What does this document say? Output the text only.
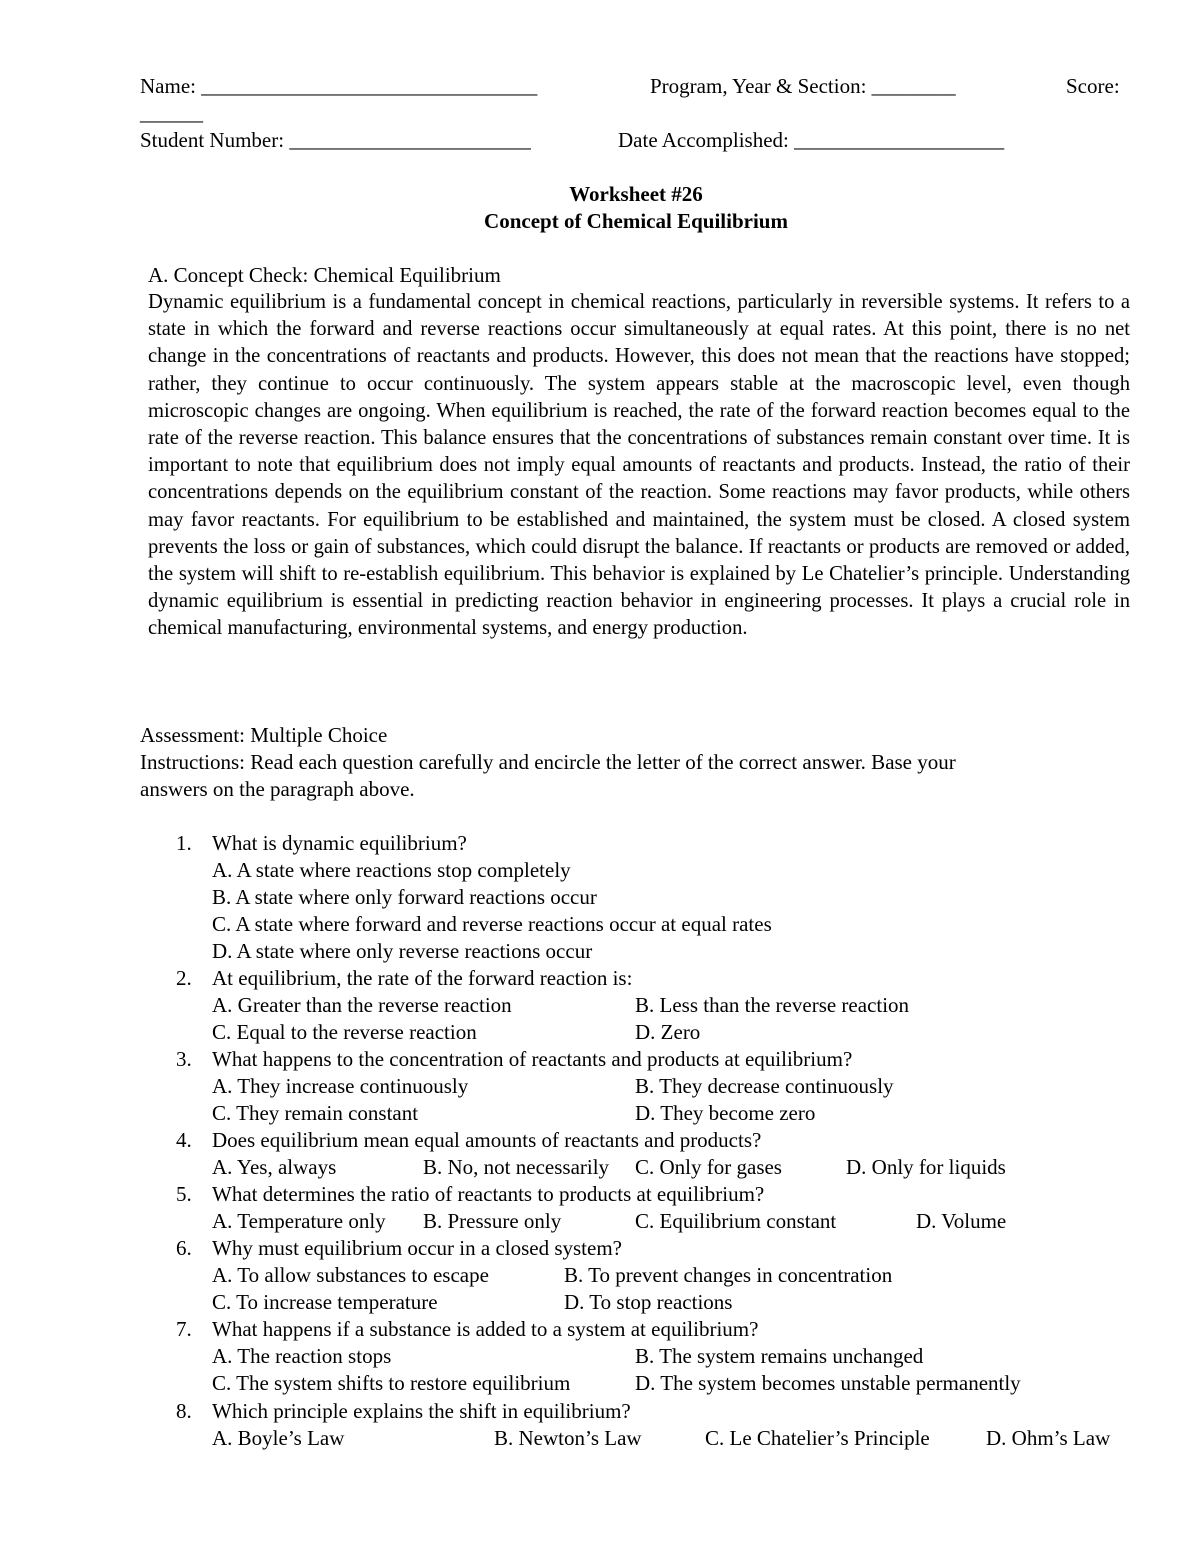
Name: ________________________________	Program, Year & Section: ________	Score:
______
Student Number: _______________________	Date Accomplished: ____________________
Worksheet #26
Concept of Chemical Equilibrium
A. Concept Check: Chemical Equilibrium
Dynamic equilibrium is a fundamental concept in chemical reactions, particularly in reversible systems. It refers to a state in which the forward and reverse reactions occur simultaneously at equal rates. At this point, there is no net change in the concentrations of reactants and products. However, this does not mean that the reactions have stopped; rather, they continue to occur continuously. The system appears stable at the macroscopic level, even though microscopic changes are ongoing. When equilibrium is reached, the rate of the forward reaction becomes equal to the rate of the reverse reaction. This balance ensures that the concentrations of substances remain constant over time. It is important to note that equilibrium does not imply equal amounts of reactants and products. Instead, the ratio of their concentrations depends on the equilibrium constant of the reaction. Some reactions may favor products, while others may favor reactants. For equilibrium to be established and maintained, the system must be closed. A closed system prevents the loss or gain of substances, which could disrupt the balance. If reactants or products are removed or added, the system will shift to re-establish equilibrium. This behavior is explained by Le Chatelier’s principle. Understanding dynamic equilibrium is essential in predicting reaction behavior in engineering processes. It plays a crucial role in chemical manufacturing, environmental systems, and energy production.
Assessment: Multiple Choice
Instructions: Read each question carefully and encircle the letter of the correct answer. Base your
answers on the paragraph above.
1. What is dynamic equilibrium?
A. A state where reactions stop completely
B. A state where only forward reactions occur
C. A state where forward and reverse reactions occur at equal rates
D. A state where only reverse reactions occur
2. At equilibrium, the rate of the forward reaction is:
A. Greater than the reverse reaction	B. Less than the reverse reaction
C. Equal to the reverse reaction	D. Zero
3. What happens to the concentration of reactants and products at equilibrium?
A. They increase continuously	B. They decrease continuously
C. They remain constant	D. They become zero
4. Does equilibrium mean equal amounts of reactants and products?
A. Yes, always	B. No, not necessarily C. Only for gases	D. Only for liquids
5. What determines the ratio of reactants to products at equilibrium?
A. Temperature only B. Pressure only	C. Equilibrium constant	D. Volume
6. Why must equilibrium occur in a closed system?
A. To allow substances to escape	B. To prevent changes in concentration
C. To increase temperature	D. To stop reactions
7. What happens if a substance is added to a system at equilibrium?
A. The reaction stops	B. The system remains unchanged
C. The system shifts to restore equilibrium	D. The system becomes unstable permanently
8. Which principle explains the shift in equilibrium?
A. Boyle’s Law	B. Newton’s Law	C. Le Chatelier’s Principle	D. Ohm’s Law
